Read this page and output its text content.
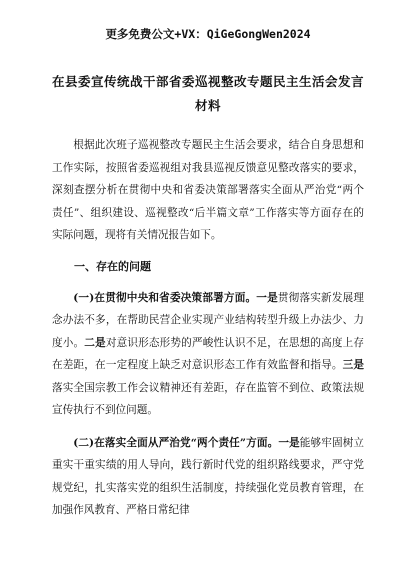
更多免费公文+VX：QiGeGongWen2024
在县委宣传统战干部省委巡视整改专题民主生活会发言材料

根据此次班子巡视整改专题民主生活会要求，结合自身思想和工作实际，按照省委巡视组对我县巡视反馈意见整改落实的要求，深刻查摆分析在贯彻中央和省委决策部署落实全面从严治党“两个责任”、组织建设、巡视整改“后半篇文章”工作落实等方面存在的实际问题，现将有关情况报告如下。

一、存在的问题

(一)在贯彻中央和省委决策部署方面。一是贯彻落实新发展理念办法不多，在帮助民营企业实现产业结构转型升级上办法少、力度小。二是对意识形态形势的严峻性认识不足，在思想的高度上存在差距，在一定程度上缺乏对意识形态工作有效监督和指导。三是落实全国宗教工作会议精神还有差距，存在监管不到位、政策法规宣传执行不到位问题。

(二)在落实全面从严治党“两个责任”方面。一是能够牢固树立重实干重实绩的用人导向，践行新时代党的组织路线要求，严守党规党纪，扎实落实党的组织生活制度，持续强化党员教育管理，在加强作风教育、严格日常纪律
